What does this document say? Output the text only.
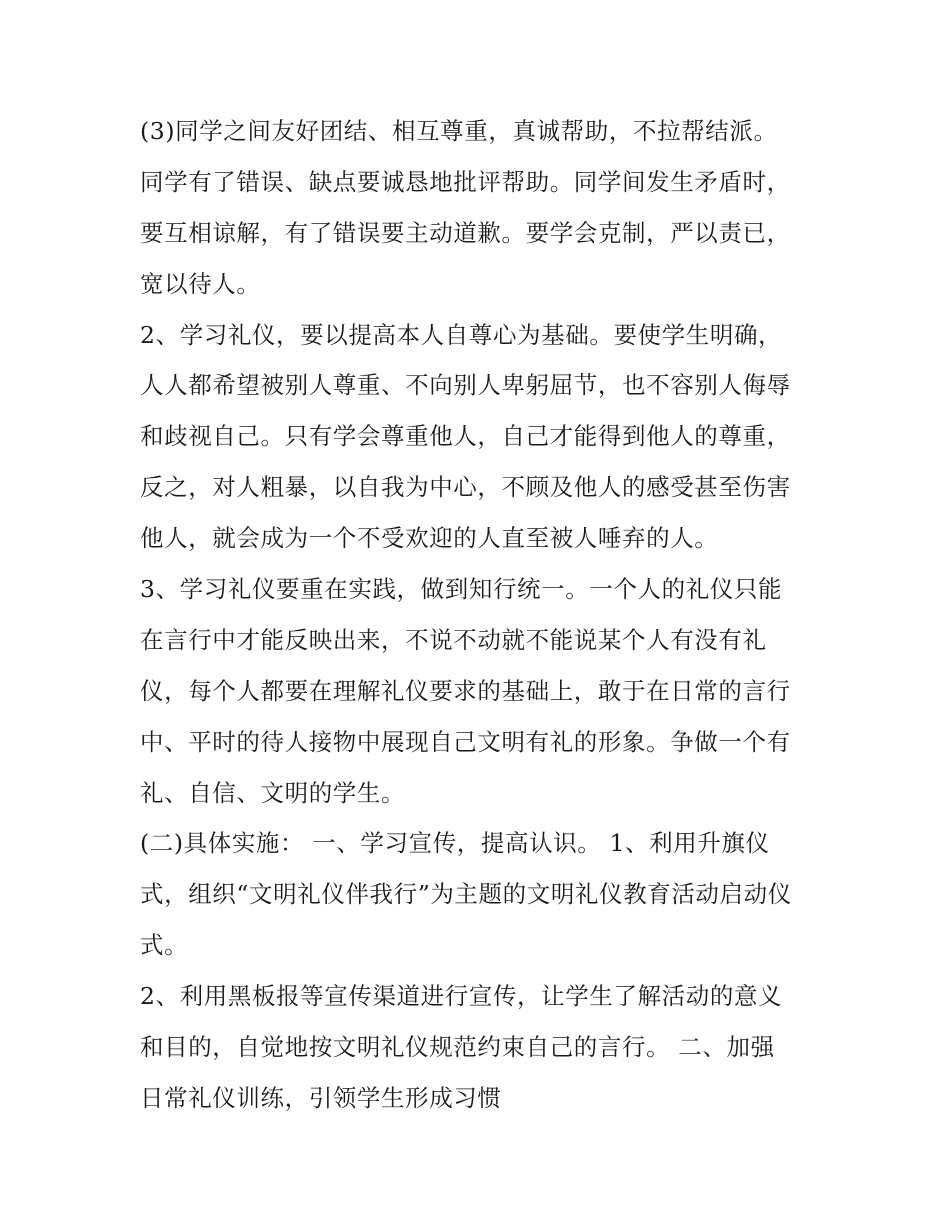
(3)同学之间友好团结、相互尊重，真诚帮助，不拉帮结派。
同学有了错误、缺点要诚恳地批评帮助。同学间发生矛盾时，
要互相谅解，有了错误要主动道歉。要学会克制，严以责已，
宽以待人。
2、学习礼仪，要以提高本人自尊心为基础。要使学生明确，
人人都希望被别人尊重、不向别人卑躬屈节，也不容别人侮辱
和歧视自己。只有学会尊重他人，自己才能得到他人的尊重，
反之，对人粗暴，以自我为中心，不顾及他人的感受甚至伤害
他人，就会成为一个不受欢迎的人直至被人唾弃的人。
3、学习礼仪要重在实践，做到知行统一。一个人的礼仪只能
在言行中才能反映出来，不说不动就不能说某个人有没有礼
仪，每个人都要在理解礼仪要求的基础上，敢于在日常的言行
中、平时的待人接物中展现自己文明有礼的形象。争做一个有
礼、自信、文明的学生。
(二)具体实施： 一、学习宣传，提高认识。 1、利用升旗仪
式，组织“文明礼仪伴我行”为主题的文明礼仪教育活动启动仪
式。
2、利用黑板报等宣传渠道进行宣传，让学生了解活动的意义
和目的，自觉地按文明礼仪规范约束自己的言行。 二、加强
日常礼仪训练，引领学生形成习惯
